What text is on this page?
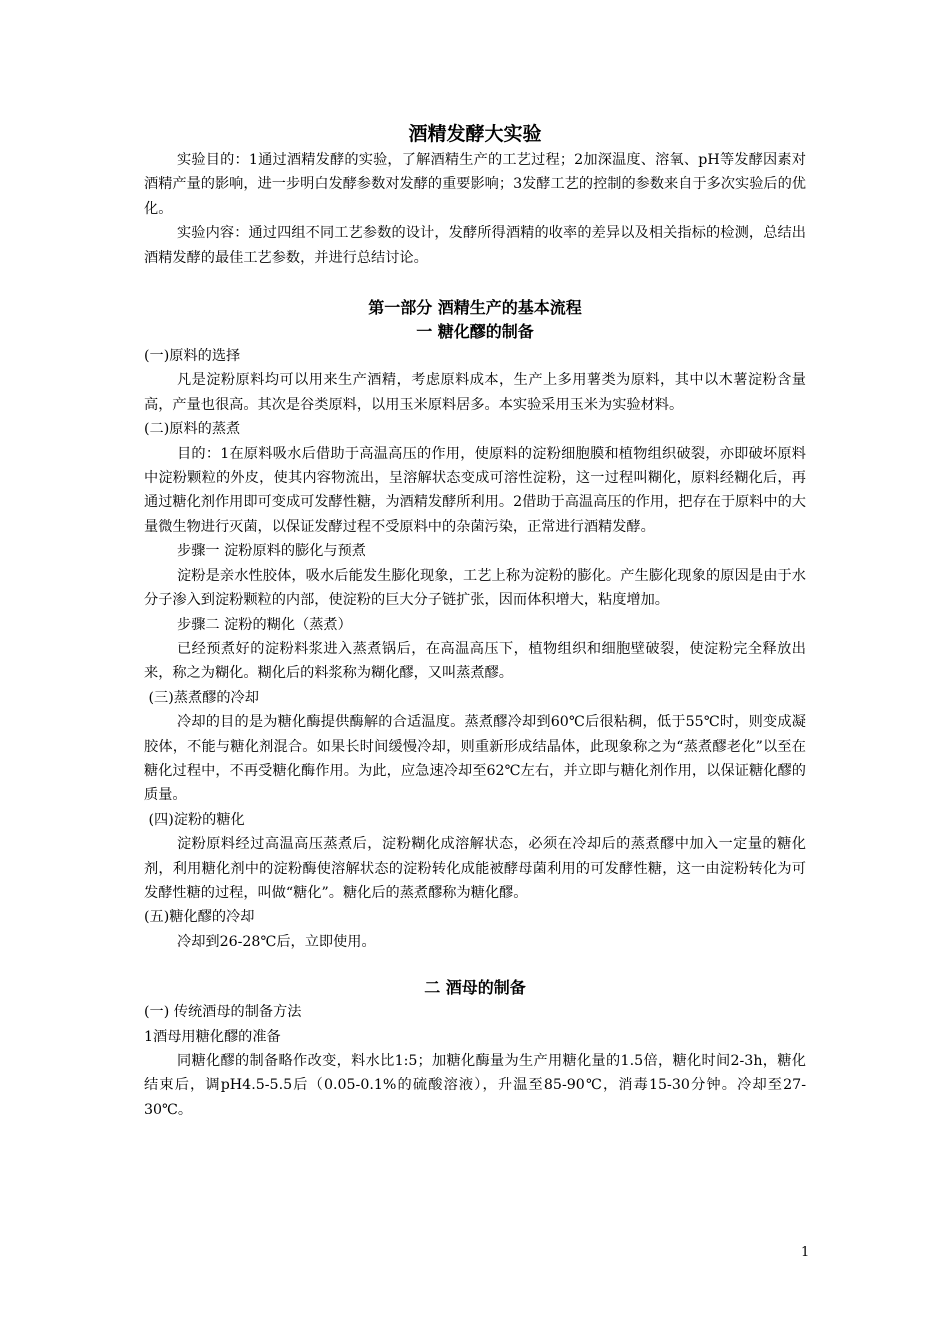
酒精发酵大实验

实验目的：1通过酒精发酵的实验，了解酒精生产的工艺过程；2加深温度、溶氧、pH等发酵因素对酒精产量的影响，进一步明白发酵参数对发酵的重要影响；3发酵工艺的控制的参数来自于多次实验后的优化。

实验内容：通过四组不同工艺参数的设计，发酵所得酒精的收率的差异以及相关指标的检测，总结出酒精发酵的最佳工艺参数，并进行总结讨论。

第一部分 酒精生产的基本流程
一 糖化醪的制备

(一)原料的选择

凡是淀粉原料均可以用来生产酒精，考虑原料成本，生产上多用薯类为原料，其中以木薯淀粉含量高，产量也很高。其次是谷类原料，以用玉米原料居多。本实验采用玉米为实验材料。

(二)原料的蒸煮

目的：1在原料吸水后借助于高温高压的作用，使原料的淀粉细胞膜和植物组织破裂，亦即破坏原料中淀粉颗粒的外皮，使其内容物流出，呈溶解状态变成可溶性淀粉，这一过程叫糊化，原料经糊化后，再通过糖化剂作用即可变成可发酵性糖，为酒精发酵所利用。2借助于高温高压的作用，把存在于原料中的大量微生物进行灭菌，以保证发酵过程不受原料中的杂菌污染，正常进行酒精发酵。

步骤一 淀粉原料的膨化与预煮

淀粉是亲水性胶体，吸水后能发生膨化现象，工艺上称为淀粉的膨化。产生膨化现象的原因是由于水分子渗入到淀粉颗粒的内部，使淀粉的巨大分子链扩张，因而体积增大，粘度增加。

步骤二 淀粉的糊化（蒸煮）

已经预煮好的淀粉料浆进入蒸煮锅后，在高温高压下，植物组织和细胞壁破裂，使淀粉完全释放出来，称之为糊化。糊化后的料浆称为糊化醪，又叫蒸煮醪。

(三)蒸煮醪的冷却

冷却的目的是为糖化酶提供酶解的合适温度。蒸煮醪冷却到60℃后很粘稠，低于55℃时，则变成凝胶体，不能与糖化剂混合。如果长时间缓慢冷却，则重新形成结晶体，此现象称之为“蒸煮醪老化”以至在糖化过程中，不再受糖化酶作用。为此，应急速冷却至62℃左右，并立即与糖化剂作用，以保证糖化醪的质量。

(四)淀粉的糖化

淀粉原料经过高温高压蒸煮后，淀粉糊化成溶解状态，必须在冷却后的蒸煮醪中加入一定量的糖化剂，利用糖化剂中的淀粉酶使溶解状态的淀粉转化成能被酵母菌利用的可发酵性糖，这一由淀粉转化为可发酵性糖的过程，叫做“糖化”。糖化后的蒸煮醪称为糖化醪。

(五)糖化醪的冷却

冷却到26-28℃后，立即使用。

二 酒母的制备

(一) 传统酒母的制备方法

1酒母用糖化醪的准备

同糖化醪的制备略作改变，料水比1:5；加糖化酶量为生产用糖化量的1.5倍，糖化时间2-3h，糖化结束后，调pH4.5-5.5后（0.05-0.1%的硫酸溶液），升温至85-90℃，消毒15-30分钟。冷却至27-30℃。

1
